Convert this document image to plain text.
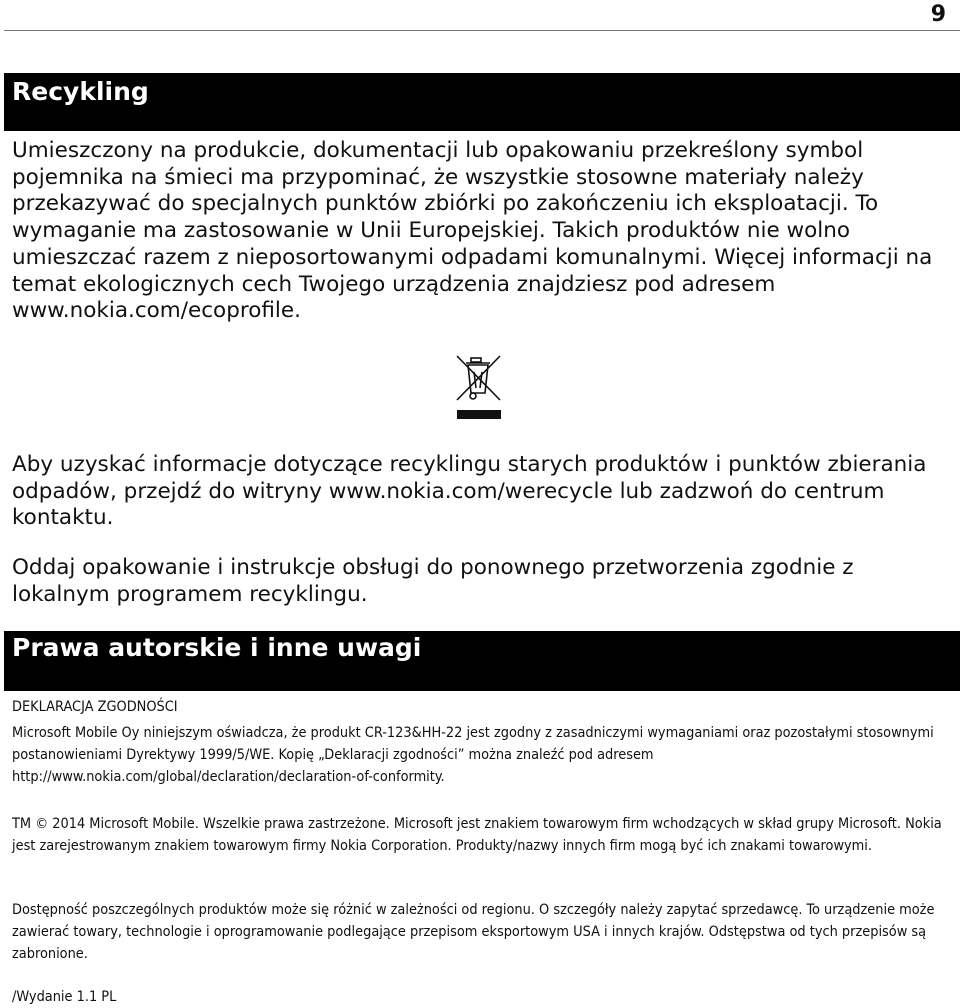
9
Recykling

Umieszczony na produkcie, dokumentacji lub opakowaniu przekreślony symbol pojemnika na śmieci ma przypominać, że wszystkie stosowne materiały należy przekazywać do specjalnych punktów zbiórki po zakończeniu ich eksploatacji. To wymaganie ma zastosowanie w Unii Europejskiej. Takich produktów nie wolno umieszczać razem z nieposortowanymi odpadami komunalnymi. Więcej informacji na temat ekologicznych cech Twojego urządzenia znajdziesz pod adresem www.nokia.com/ecoprofile.

Aby uzyskać informacje dotyczące recyklingu starych produktów i punktów zbierania odpadów, przejdź do witryny www.nokia.com/werecycle lub zadzwoń do centrum kontaktu.

Oddaj opakowanie i instrukcje obsługi do ponownego przetworzenia zgodnie z lokalnym programem recyklingu.

Prawa autorskie i inne uwagi

DEKLARACJA ZGODNOŚCI

Microsoft Mobile Oy niniejszym oświadcza, że produkt CR-123&HH-22 jest zgodny z zasadniczymi wymaganiami oraz pozostałymi stosownymi postanowieniami Dyrektywy 1999/5/WE. Kopię „Deklaracji zgodności” można znaleźć pod adresem http://www.nokia.com/global/declaration/declaration-of-conformity.

TM © 2014 Microsoft Mobile. Wszelkie prawa zastrzeżone. Microsoft jest znakiem towarowym firm wchodzących w skład grupy Microsoft. Nokia jest zarejestrowanym znakiem towarowym firmy Nokia Corporation. Produkty/nazwy innych firm mogą być ich znakami towarowymi.

Dostępność poszczególnych produktów może się różnić w zależności od regionu. O szczegóły należy zapytać sprzedawcę. To urządzenie może zawierać towary, technologie i oprogramowanie podlegające przepisom eksportowym USA i innych krajów. Odstępstwa od tych przepisów są zabronione.

/Wydanie 1.1 PL
